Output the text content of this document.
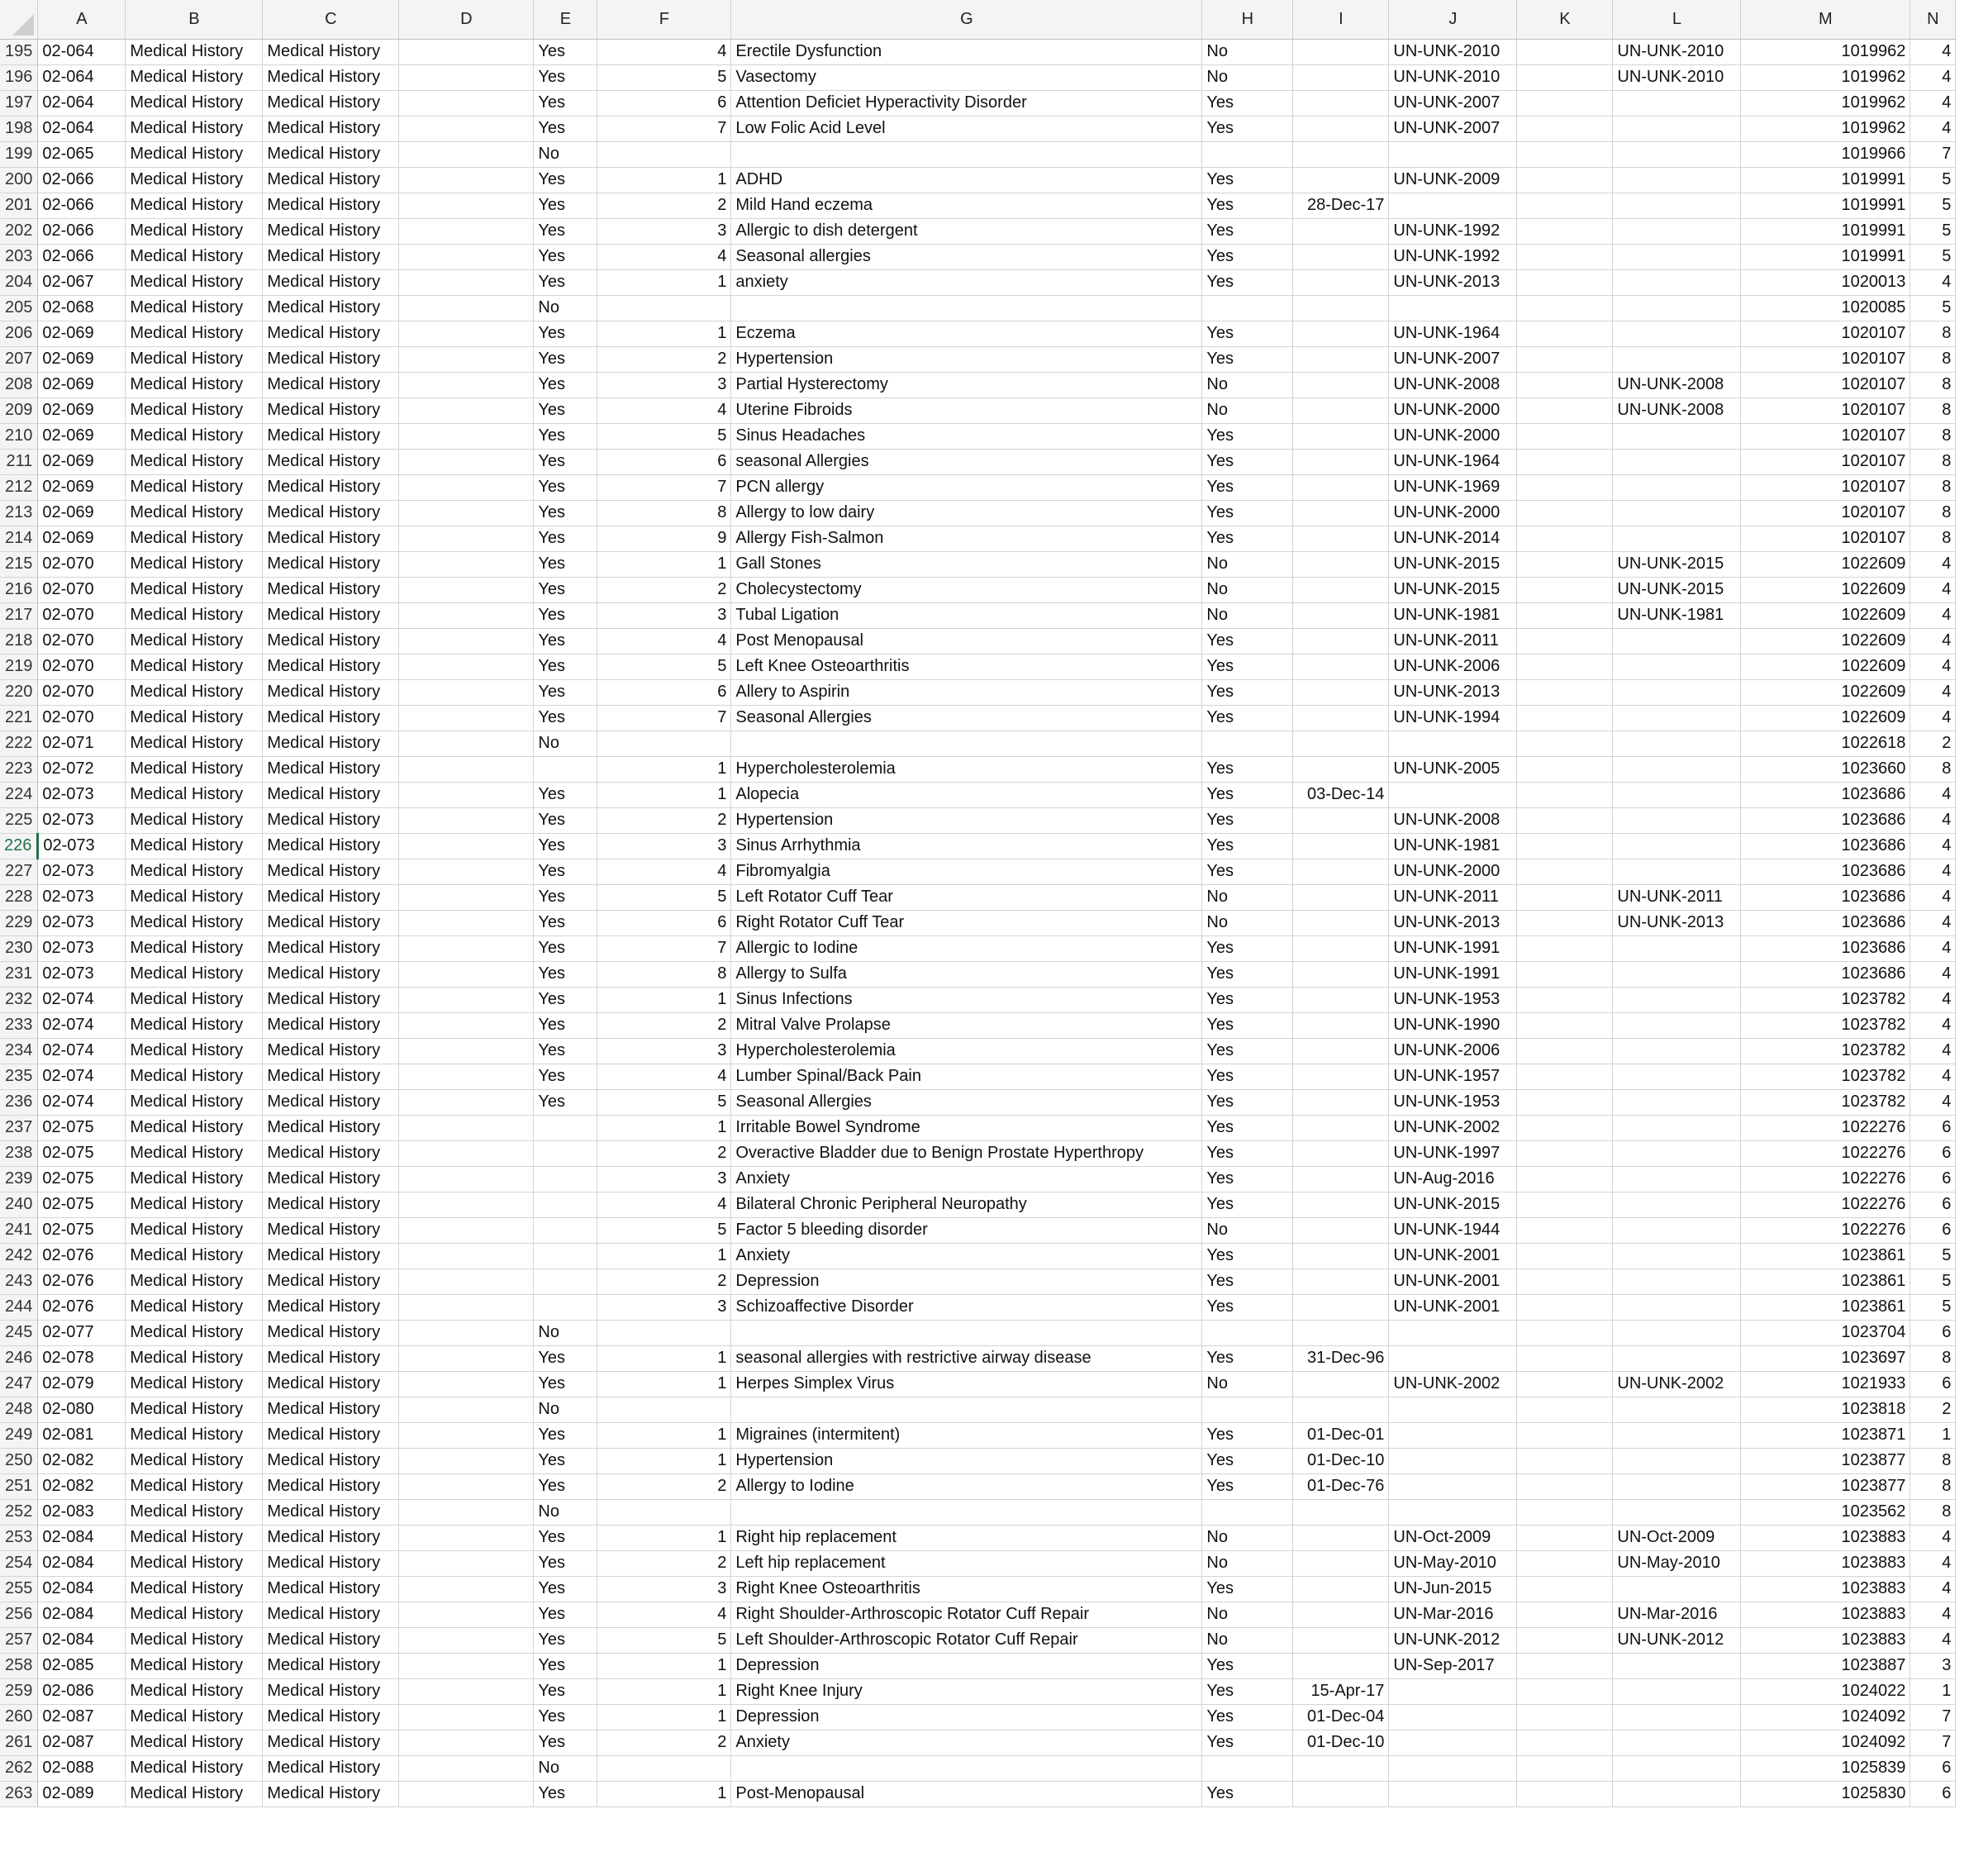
	A	B	C	D	E	F	G	H	I	J	K	L	M	N
195	02-064	Medical History	Medical History		Yes	4	Erectile Dysfunction	No		UN-UNK-2010		UN-UNK-2010	1019962	4
196	02-064	Medical History	Medical History		Yes	5	Vasectomy	No		UN-UNK-2010		UN-UNK-2010	1019962	4
197	02-064	Medical History	Medical History		Yes	6	Attention Deficiet Hyperactivity Disorder	Yes		UN-UNK-2007			1019962	4
198	02-064	Medical History	Medical History		Yes	7	Low Folic Acid Level	Yes		UN-UNK-2007			1019962	4
199	02-065	Medical History	Medical History		No								1019966	7
200	02-066	Medical History	Medical History		Yes	1	ADHD	Yes		UN-UNK-2009			1019991	5
201	02-066	Medical History	Medical History		Yes	2	Mild Hand eczema	Yes	28-Dec-17				1019991	5
202	02-066	Medical History	Medical History		Yes	3	Allergic to dish detergent	Yes		UN-UNK-1992			1019991	5
203	02-066	Medical History	Medical History		Yes	4	Seasonal allergies	Yes		UN-UNK-1992			1019991	5
204	02-067	Medical History	Medical History		Yes	1	anxiety	Yes		UN-UNK-2013			1020013	4
205	02-068	Medical History	Medical History		No								1020085	5
206	02-069	Medical History	Medical History		Yes	1	Eczema	Yes		UN-UNK-1964			1020107	8
207	02-069	Medical History	Medical History		Yes	2	Hypertension	Yes		UN-UNK-2007			1020107	8
208	02-069	Medical History	Medical History		Yes	3	Partial Hysterectomy	No		UN-UNK-2008		UN-UNK-2008	1020107	8
209	02-069	Medical History	Medical History		Yes	4	Uterine Fibroids	No		UN-UNK-2000		UN-UNK-2008	1020107	8
210	02-069	Medical History	Medical History		Yes	5	Sinus Headaches	Yes		UN-UNK-2000			1020107	8
211	02-069	Medical History	Medical History		Yes	6	seasonal Allergies	Yes		UN-UNK-1964			1020107	8
212	02-069	Medical History	Medical History		Yes	7	PCN allergy	Yes		UN-UNK-1969			1020107	8
213	02-069	Medical History	Medical History		Yes	8	Allergy to low dairy	Yes		UN-UNK-2000			1020107	8
214	02-069	Medical History	Medical History		Yes	9	Allergy Fish-Salmon	Yes		UN-UNK-2014			1020107	8
215	02-070	Medical History	Medical History		Yes	1	Gall Stones	No		UN-UNK-2015		UN-UNK-2015	1022609	4
216	02-070	Medical History	Medical History		Yes	2	Cholecystectomy	No		UN-UNK-2015		UN-UNK-2015	1022609	4
217	02-070	Medical History	Medical History		Yes	3	Tubal Ligation	No		UN-UNK-1981		UN-UNK-1981	1022609	4
218	02-070	Medical History	Medical History		Yes	4	Post Menopausal	Yes		UN-UNK-2011			1022609	4
219	02-070	Medical History	Medical History		Yes	5	Left Knee Osteoarthritis	Yes		UN-UNK-2006			1022609	4
220	02-070	Medical History	Medical History		Yes	6	Allery to Aspirin	Yes		UN-UNK-2013			1022609	4
221	02-070	Medical History	Medical History		Yes	7	Seasonal Allergies	Yes		UN-UNK-1994			1022609	4
222	02-071	Medical History	Medical History		No								1022618	2
223	02-072	Medical History	Medical History			1	Hypercholesterolemia	Yes		UN-UNK-2005			1023660	8
224	02-073	Medical History	Medical History		Yes	1	Alopecia	Yes	03-Dec-14				1023686	4
225	02-073	Medical History	Medical History		Yes	2	Hypertension	Yes		UN-UNK-2008			1023686	4
226	02-073	Medical History	Medical History		Yes	3	Sinus Arrhythmia	Yes		UN-UNK-1981			1023686	4
227	02-073	Medical History	Medical History		Yes	4	Fibromyalgia	Yes		UN-UNK-2000			1023686	4
228	02-073	Medical History	Medical History		Yes	5	Left Rotator Cuff Tear	No		UN-UNK-2011		UN-UNK-2011	1023686	4
229	02-073	Medical History	Medical History		Yes	6	Right Rotator Cuff Tear	No		UN-UNK-2013		UN-UNK-2013	1023686	4
230	02-073	Medical History	Medical History		Yes	7	Allergic to Iodine	Yes		UN-UNK-1991			1023686	4
231	02-073	Medical History	Medical History		Yes	8	Allergy to Sulfa	Yes		UN-UNK-1991			1023686	4
232	02-074	Medical History	Medical History		Yes	1	Sinus Infections	Yes		UN-UNK-1953			1023782	4
233	02-074	Medical History	Medical History		Yes	2	Mitral Valve Prolapse	Yes		UN-UNK-1990			1023782	4
234	02-074	Medical History	Medical History		Yes	3	Hypercholesterolemia	Yes		UN-UNK-2006			1023782	4
235	02-074	Medical History	Medical History		Yes	4	Lumber Spinal/Back Pain	Yes		UN-UNK-1957			1023782	4
236	02-074	Medical History	Medical History		Yes	5	Seasonal Allergies	Yes		UN-UNK-1953			1023782	4
237	02-075	Medical History	Medical History			1	Irritable Bowel Syndrome	Yes		UN-UNK-2002			1022276	6
238	02-075	Medical History	Medical History			2	Overactive Bladder due to Benign Prostate Hyperthropy	Yes		UN-UNK-1997			1022276	6
239	02-075	Medical History	Medical History			3	Anxiety	Yes		UN-Aug-2016			1022276	6
240	02-075	Medical History	Medical History			4	Bilateral Chronic Peripheral Neuropathy	Yes		UN-UNK-2015			1022276	6
241	02-075	Medical History	Medical History			5	Factor 5 bleeding disorder	No		UN-UNK-1944			1022276	6
242	02-076	Medical History	Medical History			1	Anxiety	Yes		UN-UNK-2001			1023861	5
243	02-076	Medical History	Medical History			2	Depression	Yes		UN-UNK-2001			1023861	5
244	02-076	Medical History	Medical History			3	Schizoaffective Disorder	Yes		UN-UNK-2001			1023861	5
245	02-077	Medical History	Medical History		No								1023704	6
246	02-078	Medical History	Medical History		Yes	1	seasonal allergies with restrictive airway disease	Yes	31-Dec-96				1023697	8
247	02-079	Medical History	Medical History		Yes	1	Herpes Simplex Virus	No		UN-UNK-2002		UN-UNK-2002	1021933	6
248	02-080	Medical History	Medical History		No								1023818	2
249	02-081	Medical History	Medical History		Yes	1	Migraines (intermitent)	Yes	01-Dec-01				1023871	1
250	02-082	Medical History	Medical History		Yes	1	Hypertension	Yes	01-Dec-10				1023877	8
251	02-082	Medical History	Medical History		Yes	2	Allergy to Iodine	Yes	01-Dec-76				1023877	8
252	02-083	Medical History	Medical History		No								1023562	8
253	02-084	Medical History	Medical History		Yes	1	Right hip replacement	No		UN-Oct-2009		UN-Oct-2009	1023883	4
254	02-084	Medical History	Medical History		Yes	2	Left hip replacement	No		UN-May-2010		UN-May-2010	1023883	4
255	02-084	Medical History	Medical History		Yes	3	Right Knee Osteoarthritis	Yes		UN-Jun-2015			1023883	4
256	02-084	Medical History	Medical History		Yes	4	Right Shoulder-Arthroscopic Rotator Cuff Repair	No		UN-Mar-2016		UN-Mar-2016	1023883	4
257	02-084	Medical History	Medical History		Yes	5	Left Shoulder-Arthroscopic Rotator Cuff Repair	No		UN-UNK-2012		UN-UNK-2012	1023883	4
258	02-085	Medical History	Medical History		Yes	1	Depression	Yes		UN-Sep-2017			1023887	3
259	02-086	Medical History	Medical History		Yes	1	Right Knee Injury	Yes	15-Apr-17				1024022	1
260	02-087	Medical History	Medical History		Yes	1	Depression	Yes	01-Dec-04				1024092	7
261	02-087	Medical History	Medical History		Yes	2	Anxiety	Yes	01-Dec-10				1024092	7
262	02-088	Medical History	Medical History		No								1025839	6
263	02-089	Medical History	Medical History		Yes	1	Post-Menopausal	Yes					1025830	6
